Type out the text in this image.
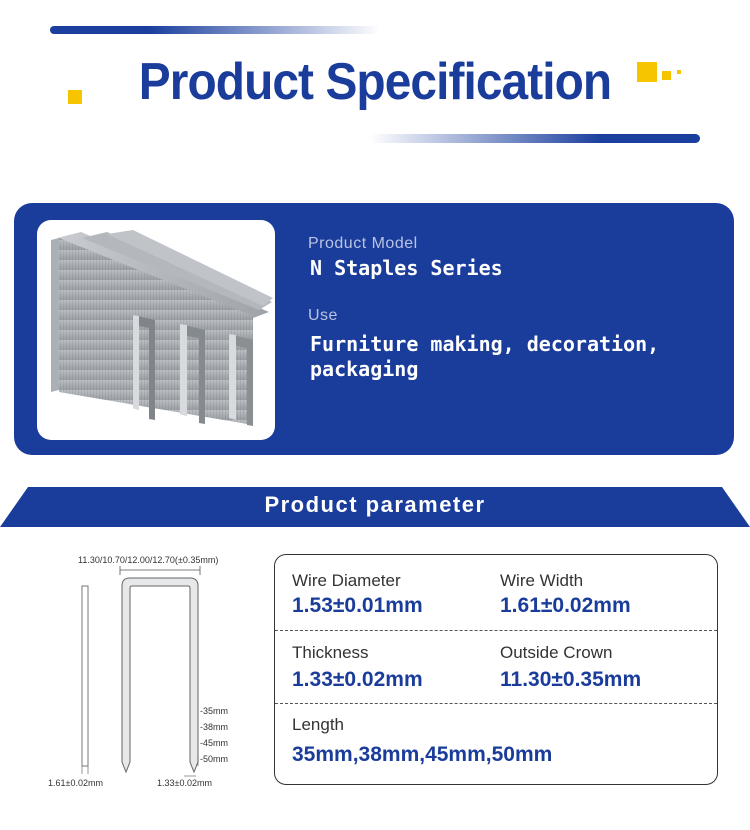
Product Specification
Product Model
N Staples Series
Use
Furniture making, decoration,
packaging
Product parameter
11.30/10.70/12.00/12.70(±0.35mm)
-35mm
-38mm
-45mm
-50mm
1.61±0.02mm	1.33±0.02mm
Wire Diameter
1.53±0.01mm
Wire Width
1.61±0.02mm
Thickness
1.33±0.02mm
Outside Crown
11.30±0.35mm
Length
35mm,38mm,45mm,50mm
